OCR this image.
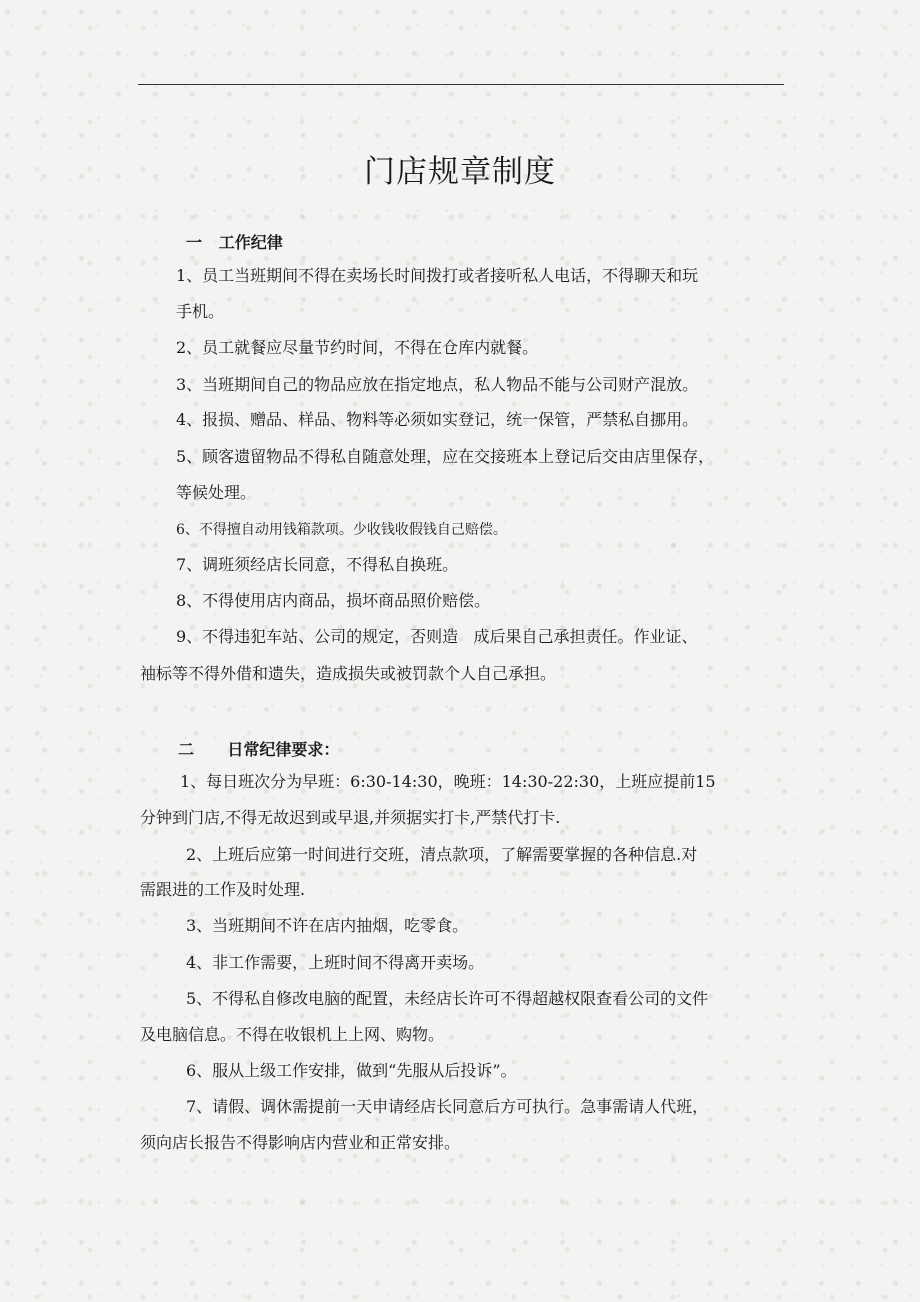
门店规章制度
一   工作纪律
1、员工当班期间不得在卖场长时间拨打或者接听私人电话，不得聊天和玩
手机。
2、员工就餐应尽量节约时间，不得在仓库内就餐。
3、当班期间自己的物品应放在指定地点，私人物品不能与公司财产混放。
4、报损、赠品、样品、物料等必须如实登记，统一保管，严禁私自挪用。
5、顾客遗留物品不得私自随意处理，应在交接班本上登记后交由店里保存，
等候处理。
6、不得擅自动用钱箱款项。少收钱收假钱自己赔偿。
7、调班须经店长同意，不得私自换班。
8、不得使用店内商品，损坏商品照价赔偿。
9、不得违犯车站、公司的规定，否则造   成后果自己承担责任。作业证、
袖标等不得外借和遗失，造成损失或被罚款个人自己承担。
二      日常纪律要求：
1、每日班次分为早班：6:30-14:30，晚班：14:30-22:30，上班应提前15
分钟到门店,不得无故迟到或早退,并须据实打卡,严禁代打卡.
2、上班后应第一时间进行交班，清点款项，了解需要掌握的各种信息.对
需跟进的工作及时处理.
3、当班期间不许在店内抽烟，吃零食。
4、非工作需要，上班时间不得离开卖场。
5、不得私自修改电脑的配置，未经店长许可不得超越权限查看公司的文件
及电脑信息。不得在收银机上上网、购物。
6、服从上级工作安排，做到“先服从后投诉”。
7、请假、调休需提前一天申请经店长同意后方可执行。急事需请人代班，
须向店长报告不得影响店内营业和正常安排。
